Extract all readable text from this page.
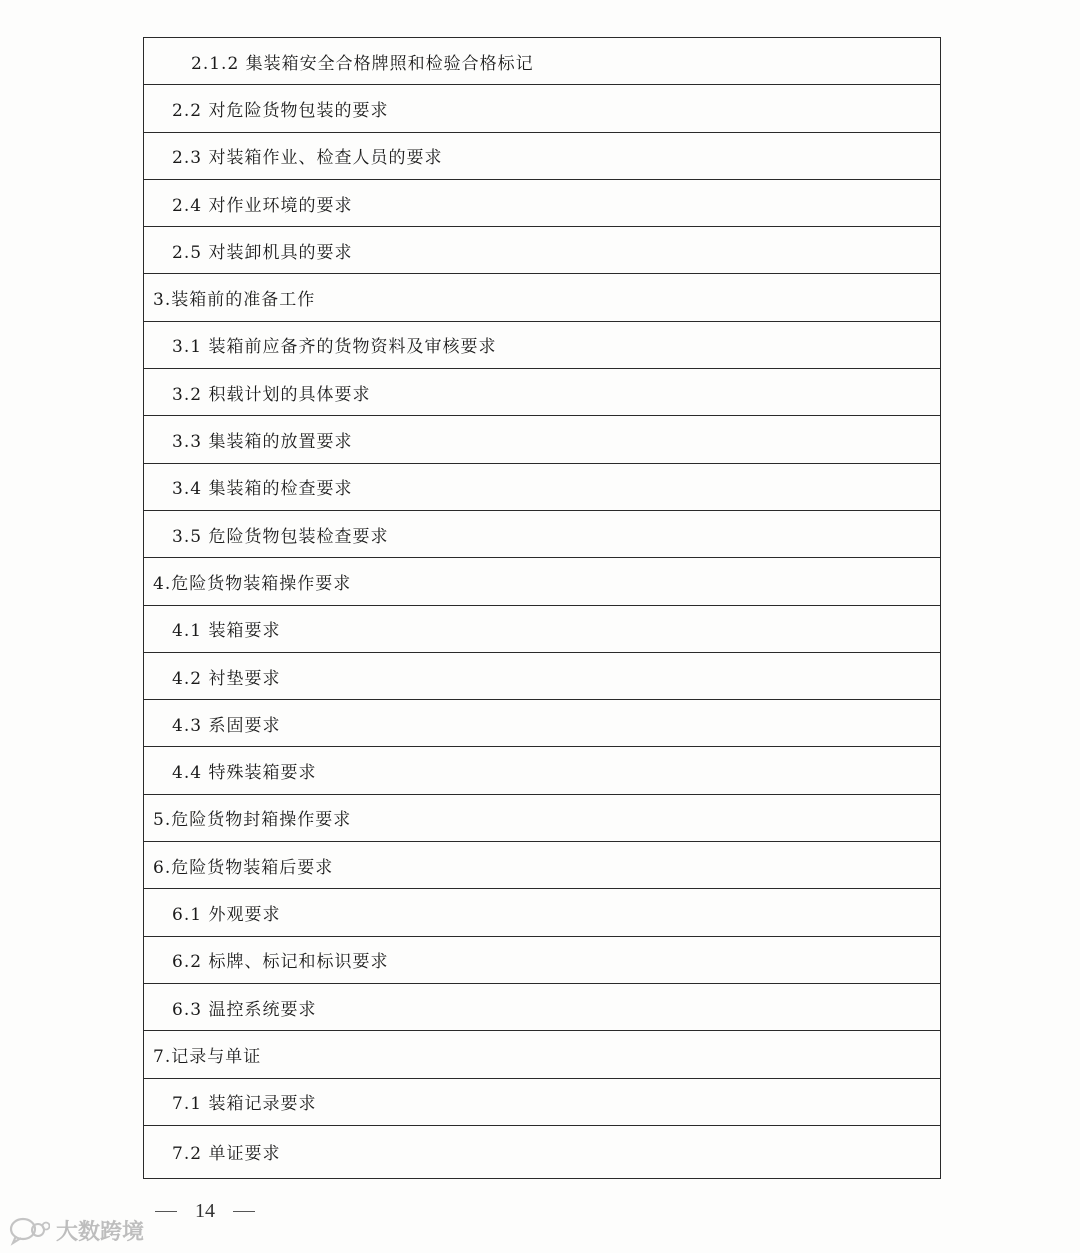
2.1.2 集装箱安全合格牌照和检验合格标记
2.2 对危险货物包装的要求
2.3 对装箱作业、检查人员的要求
2.4 对作业环境的要求
2.5 对装卸机具的要求
3.装箱前的准备工作
3.1 装箱前应备齐的货物资料及审核要求
3.2 积载计划的具体要求
3.3 集装箱的放置要求
3.4 集装箱的检查要求
3.5 危险货物包装检查要求
4.危险货物装箱操作要求
4.1 装箱要求
4.2 衬垫要求
4.3 系固要求
4.4 特殊装箱要求
5.危险货物封箱操作要求
6.危险货物装箱后要求
6.1 外观要求
6.2 标牌、标记和标识要求
6.3 温控系统要求
7.记录与单证
7.1 装箱记录要求
7.2 单证要求
14
大数跨境
